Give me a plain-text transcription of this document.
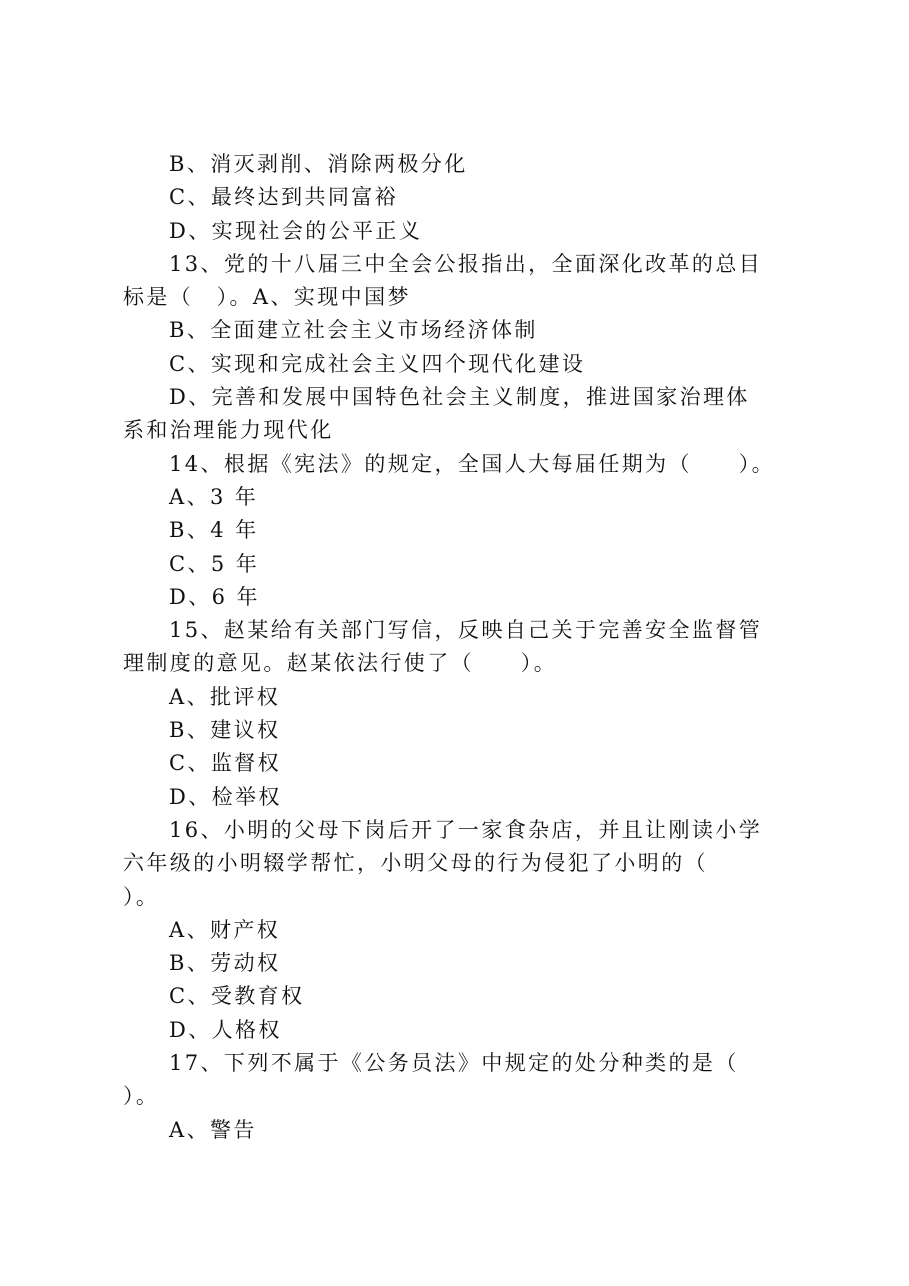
B、消灭剥削、消除两极分化
C、最终达到共同富裕
D、实现社会的公平正义
13、党的十八届三中全会公报指出，全面深化改革的总目
标是（　）。A、实现中国梦
B、全面建立社会主义市场经济体制
C、实现和完成社会主义四个现代化建设
D、完善和发展中国特色社会主义制度，推进国家治理体
系和治理能力现代化
14、根据《宪法》的规定，全国人大每届任期为（　　）。
A、3 年
B、4 年
C、5 年
D、6 年
15、赵某给有关部门写信，反映自己关于完善安全监督管
理制度的意见。赵某依法行使了（　　）。
A、批评权
B、建议权
C、监督权
D、检举权
16、小明的父母下岗后开了一家食杂店，并且让刚读小学
六年级的小明辍学帮忙，小明父母的行为侵犯了小明的（
）。
A、财产权
B、劳动权
C、受教育权
D、人格权
17、下列不属于《公务员法》中规定的处分种类的是（
）。
A、警告
